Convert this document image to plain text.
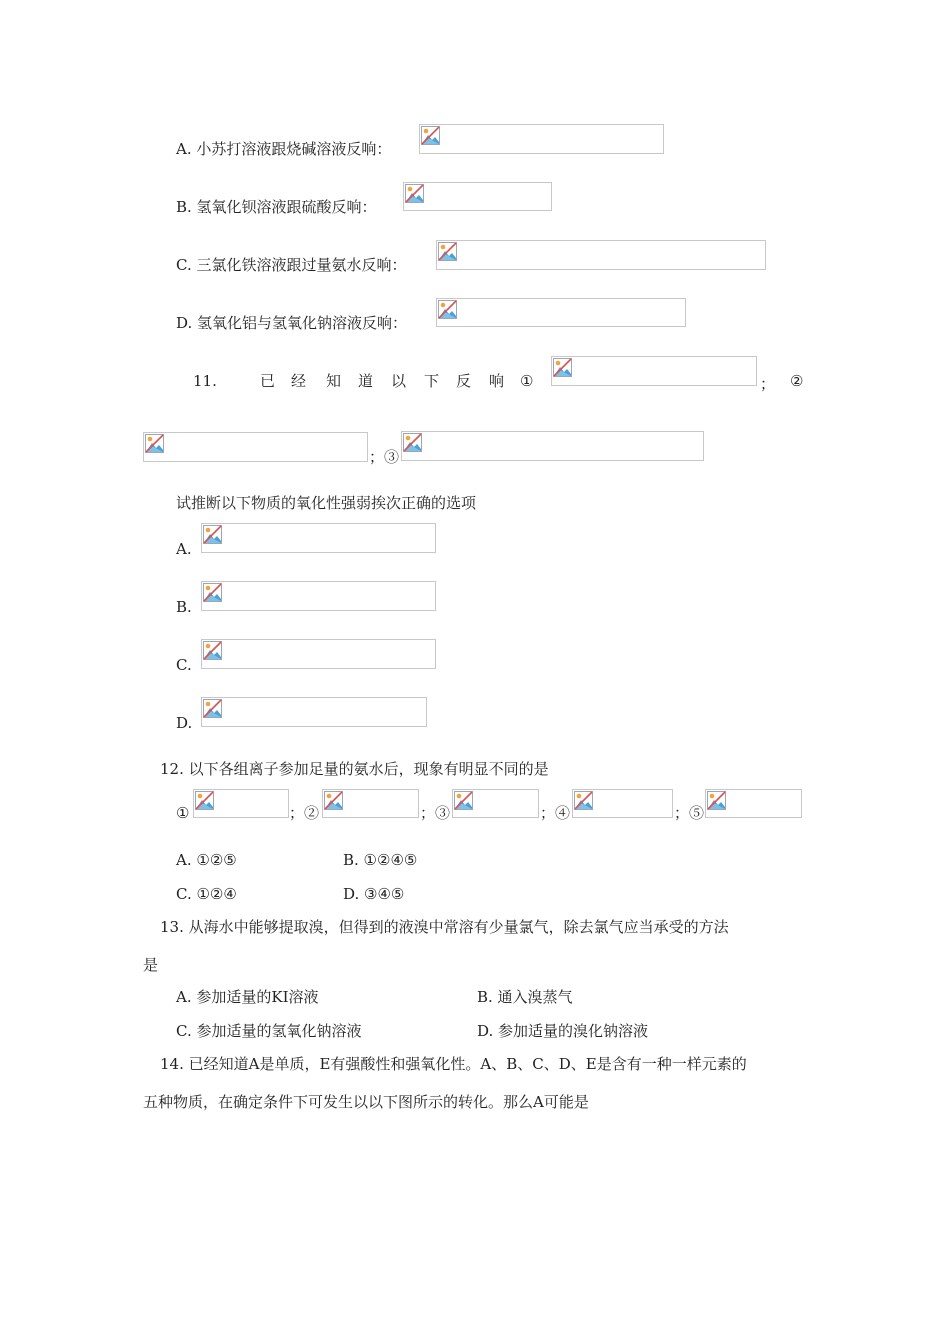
A. 小苏打溶液跟烧碱溶液反响：
B. 氢氧化钡溶液跟硫酸反响：
C. 三氯化铁溶液跟过量氨水反响：
D. 氢氧化铝与氢氧化钠溶液反响：
11.	已 经 知 道 以 下 反 响 ①	； ②
；③
试推断以下物质的氧化性强弱挨次正确的选项
A.
B.
C.
D.
12. 以下各组离子参加足量的氨水后，现象有明显不同的是
①	；②	；③	；④	；⑤
A. ①②⑤	B. ①②④⑤
C. ①②④	D. ③④⑤
13. 从海水中能够提取溴，但得到的液溴中常溶有少量氯气，除去氯气应当承受的方法
是
A. 参加适量的KI溶液	B. 通入溴蒸气
C. 参加适量的氢氧化钠溶液	D. 参加适量的溴化钠溶液
14. 已经知道A是单质，E有强酸性和强氧化性。A、B、C、D、E是含有一种一样元素的
五种物质，在确定条件下可发生以以下图所示的转化。那么A可能是
